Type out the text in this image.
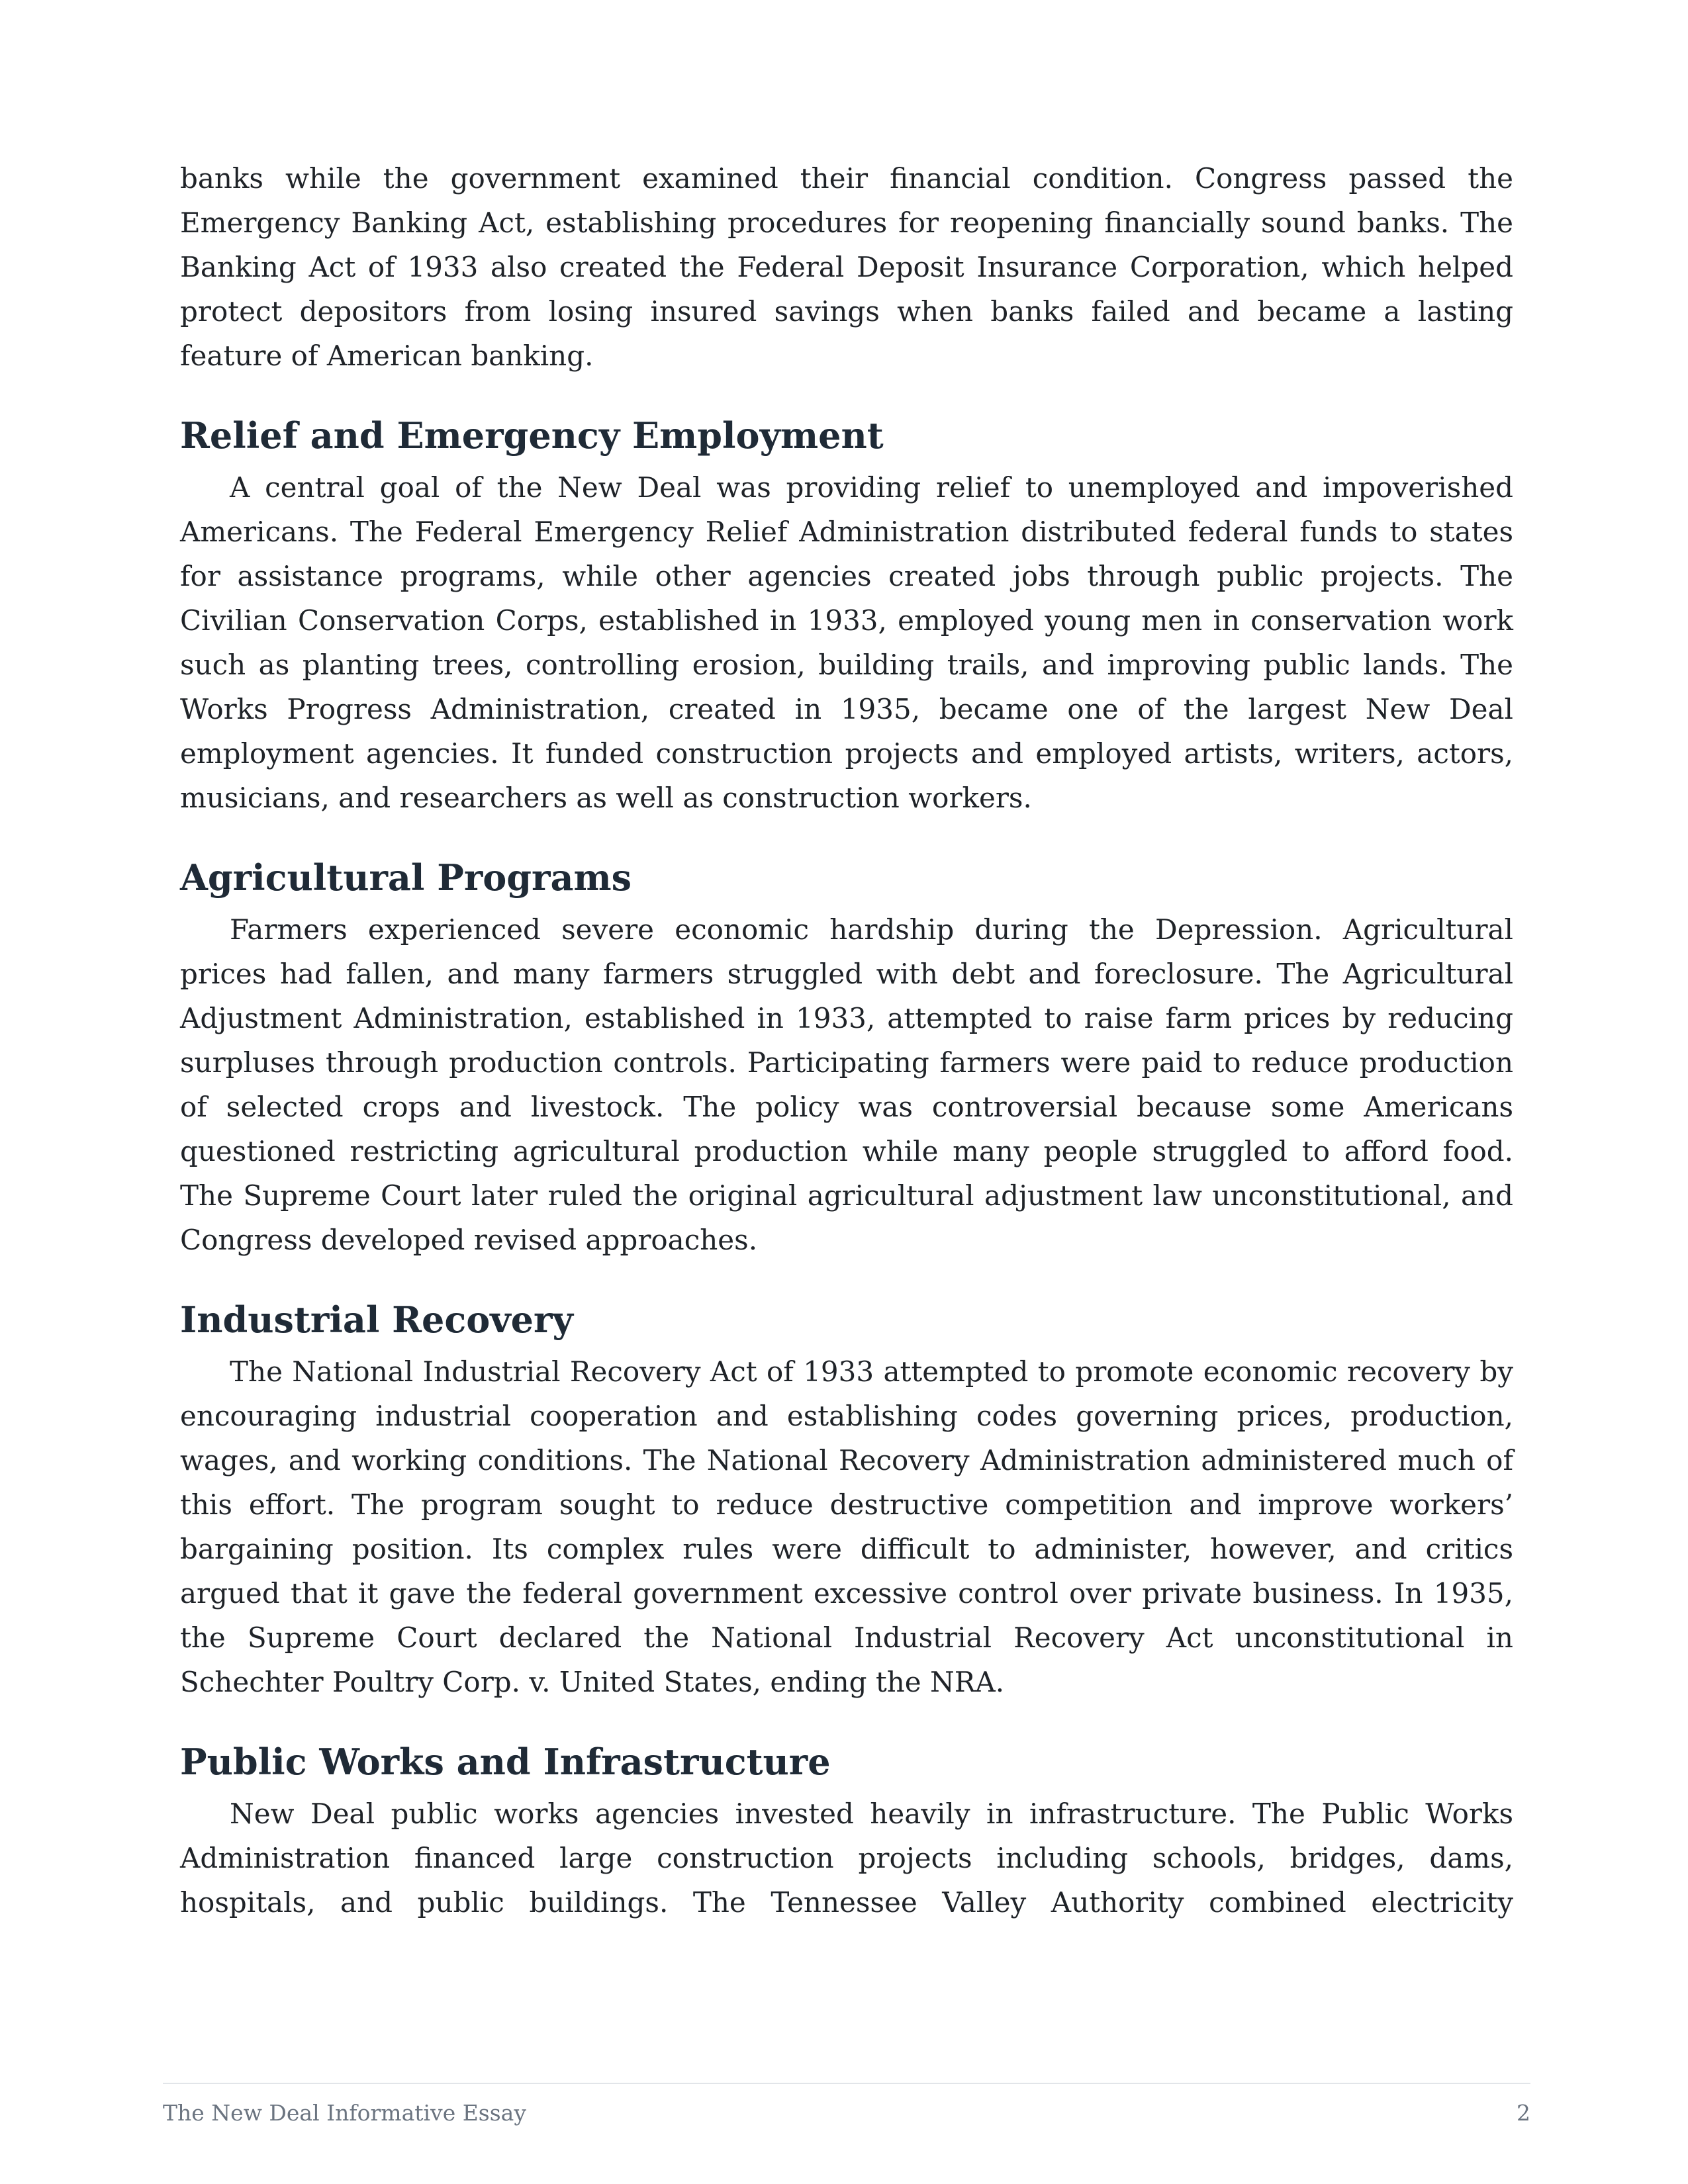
banks while the government examined their financial condition. Congress passed the Emergency Banking Act, establishing procedures for reopening financially sound banks. The Banking Act of 1933 also created the Federal Deposit Insurance Corporation, which helped protect depositors from losing insured savings when banks failed and became a lasting feature of American banking.

Relief and Emergency Employment

A central goal of the New Deal was providing relief to unemployed and impoverished Americans. The Federal Emergency Relief Administration distributed federal funds to states for assistance programs, while other agencies created jobs through public projects. The Civilian Conservation Corps, established in 1933, employed young men in conservation work such as planting trees, controlling erosion, building trails, and improving public lands. The Works Progress Administration, created in 1935, became one of the largest New Deal employment agencies. It funded construction projects and employed artists, writers, actors, musicians, and researchers as well as construction workers.

Agricultural Programs

Farmers experienced severe economic hardship during the Depression. Agricultural prices had fallen, and many farmers struggled with debt and foreclosure. The Agricultural Adjustment Administration, established in 1933, attempted to raise farm prices by reducing surpluses through production controls. Participating farmers were paid to reduce production of selected crops and livestock. The policy was controversial because some Americans questioned restricting agricultural production while many people struggled to afford food. The Supreme Court later ruled the original agricultural adjustment law unconstitutional, and Congress developed revised approaches.

Industrial Recovery

The National Industrial Recovery Act of 1933 attempted to promote economic recovery by encouraging industrial cooperation and establishing codes governing prices, production, wages, and working conditions. The National Recovery Administration administered much of this effort. The program sought to reduce destructive competition and improve workers’ bargaining position. Its complex rules were difficult to administer, however, and critics argued that it gave the federal government excessive control over private business. In 1935, the Supreme Court declared the National Industrial Recovery Act unconstitutional in Schechter Poultry Corp. v. United States, ending the NRA.

Public Works and Infrastructure

New Deal public works agencies invested heavily in infrastructure. The Public Works Administration financed large construction projects including schools, bridges, dams, hospitals, and public buildings. The Tennessee Valley Authority combined electricity

The New Deal Informative Essay	2
